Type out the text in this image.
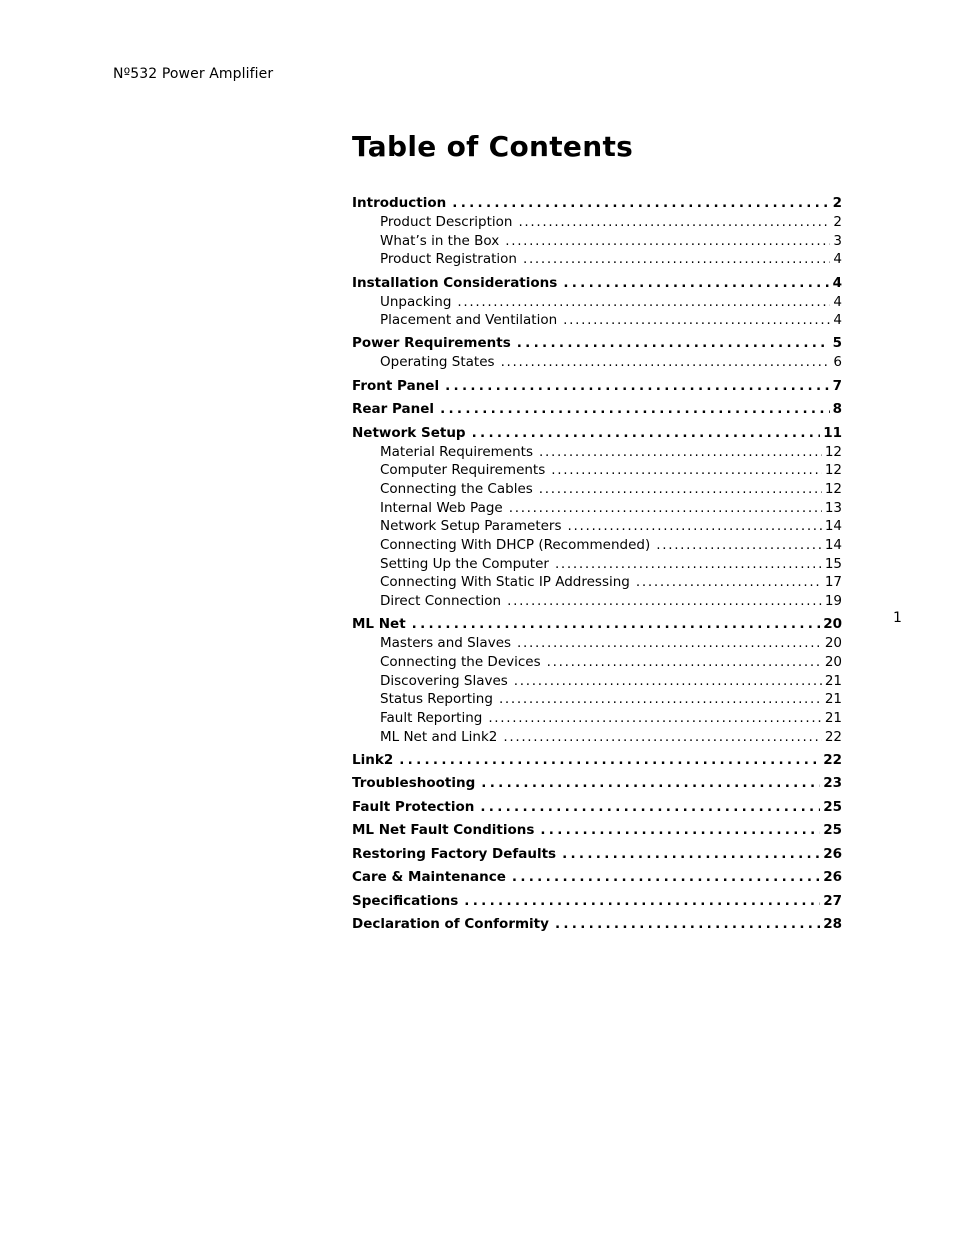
Nº532 Power Amplifier
Table of Contents
Introduction . . .	2
Product Description . . .	2
What’s in the Box . . .	3
Product Registration . . .	4
Installation Considerations . . .	4
Unpacking . . .	4
Placement and Ventilation . . .	4
Power Requirements . . .	5
Operating States . . .	6
Front Panel . . .	7
Rear Panel . . .	8
Network Setup . . .	11
Material Requirements . . .	12
Computer Requirements . . .	12
Connecting the Cables . . .	12
Internal Web Page . . .	13
Network Setup Parameters . . .	14
Connecting With DHCP (Recommended) . . .	14
Setting Up the Computer . . .	15
Connecting With Static IP Addressing . . .	17
Direct Connection . . .	19
ML Net . . .	20
Masters and Slaves . . .	20
Connecting the Devices . . .	20
Discovering Slaves . . .	21
Status Reporting . . .	21
Fault Reporting . . .	21
ML Net and Link2 . . .	22
Link2 . . .	22
Troubleshooting . . .	23
Fault Protection . . .	25
ML Net Fault Conditions . . .	25
Restoring Factory Defaults . . .	26
Care & Maintenance . . .	26
Specifications . . .	27
Declaration of Conformity . . .	28
1
